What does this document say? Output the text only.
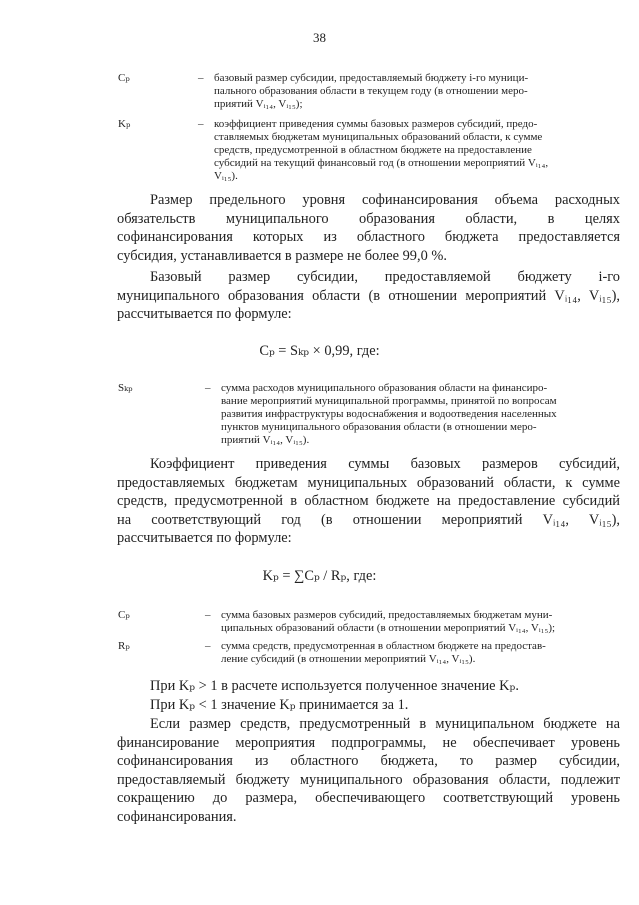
38
Cₚ	– базовый размер субсидии, предоставляемый бюджету i-го муници-
пального образования области в текущем году (в отношении меро-
приятий Vᵢ₁₄, Vᵢ₁₅);
Kₚ	– коэффициент приведения суммы базовых размеров субсидий, предо-
ставляемых бюджетам муниципальных образований области, к сумме
средств, предусмотренной в областном бюджете на предоставление
субсидий на текущий финансовый год (в отношении мероприятий Vᵢ₁₄,
Vᵢ₁₅).
Размер предельного уровня софинансирования объема расходных
обязательств муниципального образования области, в целях
софинансирования которых из областного бюджета предоставляется
субсидия, устанавливается в размере не более 99,0 %.
Базовый размер субсидии, предоставляемой бюджету i-го
муниципального образования области (в отношении мероприятий Vᵢ₁₄, Vᵢ₁₅),
рассчитывается по формуле:
Cₚ = Sₖₚ × 0,99, где:
Sₖₚ	– сумма расходов муниципального образования области на финансиро-
вание мероприятий муниципальной программы, принятой по вопросам
развития инфраструктуры водоснабжения и водоотведения населенных
пунктов муниципального образования области (в отношении меро-
приятий Vᵢ₁₄, Vᵢ₁₅).
Коэффициент приведения суммы базовых размеров субсидий,
предоставляемых бюджетам муниципальных образований области, к сумме
средств, предусмотренной в областном бюджете на предоставление субсидий
на соответствующий год (в отношении мероприятий Vᵢ₁₄, Vᵢ₁₅),
рассчитывается по формуле:
Kₚ = ∑Cₚ / Rₚ, где:
Cₚ	– сумма базовых размеров субсидий, предоставляемых бюджетам муни-
ципальных образований области (в отношении мероприятий Vᵢ₁₄, Vᵢ₁₅);
Rₚ	– сумма средств, предусмотренная в областном бюджете на предостав-
ление субсидий (в отношении мероприятий Vᵢ₁₄, Vᵢ₁₅).
При Kₚ > 1 в расчете используется полученное значение Kₚ.
При Kₚ < 1 значение Kₚ принимается за 1.
Если размер средств, предусмотренный в муниципальном бюджете на
финансирование мероприятия подпрограммы, не обеспечивает уровень
софинансирования из областного бюджета, то размер субсидии,
предоставляемый бюджету муниципального образования области, подлежит
сокращению до размера, обеспечивающего соответствующий уровень
софинансирования.
